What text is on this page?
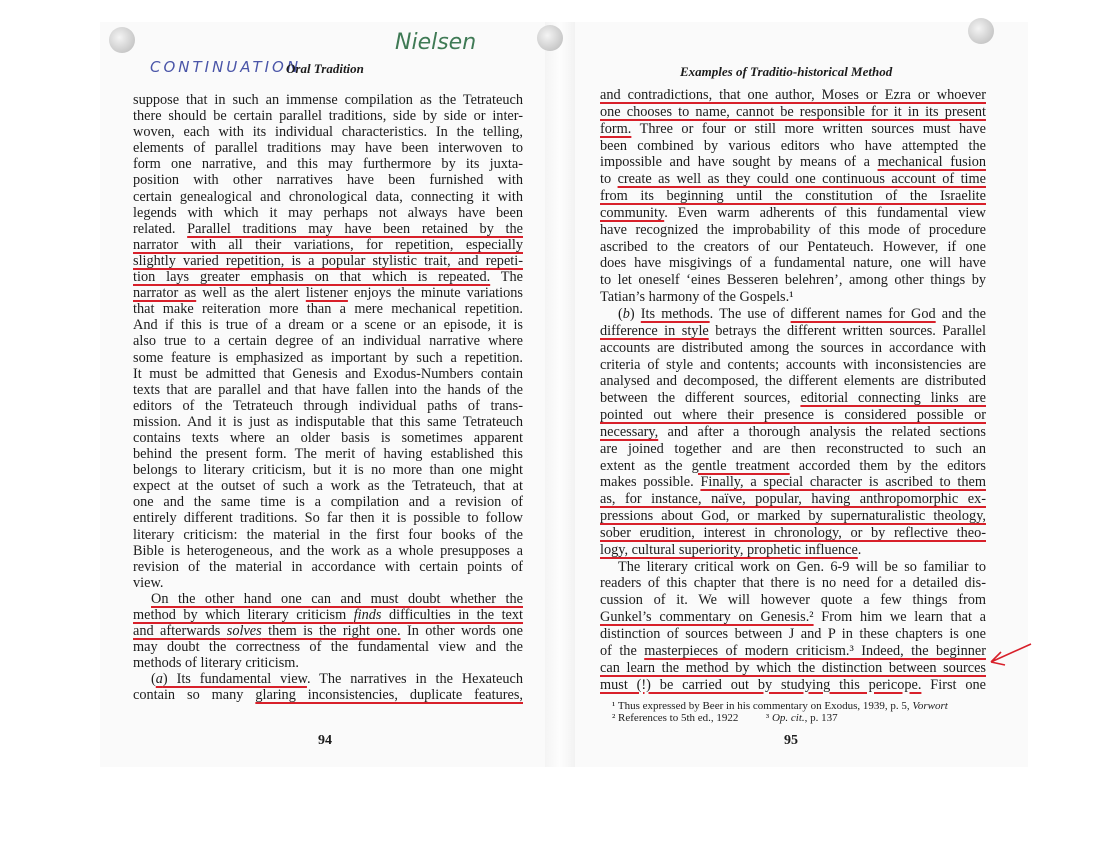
CONTINUATION
Nielsen
Oral Tradition
suppose that in such an immense compilation as the Tetrateuch
there should be certain parallel traditions, side by side or inter-
woven, each with its individual characteristics. In the telling,
elements of parallel traditions may have been interwoven to
form one narrative, and this may furthermore by its juxta-
position with other narratives have been furnished with
certain genealogical and chronological data, connecting it with
legends with which it may perhaps not always have been
related. Parallel traditions may have been retained by the
narrator with all their variations, for repetition, especially
slightly varied repetition, is a popular stylistic trait, and repeti-
tion lays greater emphasis on that which is repeated. The
narrator as well as the alert listener enjoys the minute variations
that make reiteration more than a mere mechanical repetition.
And if this is true of a dream or a scene or an episode, it is
also true to a certain degree of an individual narrative where
some feature is emphasized as important by such a repetition.
It must be admitted that Genesis and Exodus-Numbers contain
texts that are parallel and that have fallen into the hands of the
editors of the Tetrateuch through individual paths of trans-
mission. And it is just as indisputable that this same Tetrateuch
contains texts where an older basis is sometimes apparent
behind the present form. The merit of having established this
belongs to literary criticism, but it is no more than one might
expect at the outset of such a work as the Tetrateuch, that at
one and the same time is a compilation and a revision of
entirely different traditions. So far then it is possible to follow
literary criticism: the material in the first four books of the
Bible is heterogeneous, and the work as a whole presupposes a
revision of the material in accordance with certain points of
view.
On the other hand one can and must doubt whether the
method by which literary criticism finds difficulties in the text
and afterwards solves them is the right one. In other words one
may doubt the correctness of the fundamental view and the
methods of literary criticism.
(a) Its fundamental view. The narratives in the Hexateuch
contain so many glaring inconsistencies, duplicate features,
94
Examples of Traditio-historical Method
and contradictions, that one author, Moses or Ezra or whoever
one chooses to name, cannot be responsible for it in its present
form. Three or four or still more written sources must have
been combined by various editors who have attempted the
impossible and have sought by means of a mechanical fusion
to create as well as they could one continuous account of time
from its beginning until the constitution of the Israelite
community. Even warm adherents of this fundamental view
have recognized the improbability of this mode of procedure
ascribed to the creators of our Pentateuch. However, if one
does have misgivings of a fundamental nature, one will have
to let oneself ‘eines Besseren belehren’, among other things by
Tatian’s harmony of the Gospels.¹
(b) Its methods. The use of different names for God and the
difference in style betrays the different written sources. Parallel
accounts are distributed among the sources in accordance with
criteria of style and contents; accounts with inconsistencies are
analysed and decomposed, the different elements are distributed
between the different sources, editorial connecting links are
pointed out where their presence is considered possible or
necessary, and after a thorough analysis the related sections
are joined together and are then reconstructed to such an
extent as the gentle treatment accorded them by the editors
makes possible. Finally, a special character is ascribed to them
as, for instance, naïve, popular, having anthropomorphic ex-
pressions about God, or marked by supernaturalistic theology,
sober erudition, interest in chronology, or by reflective theo-
logy, cultural superiority, prophetic influence.
The literary critical work on Gen. 6-9 will be so familiar to
readers of this chapter that there is no need for a detailed dis-
cussion of it. We will however quote a few things from
Gunkel’s commentary on Genesis.² From him we learn that a
distinction of sources between J and P in these chapters is one
of the masterpieces of modern criticism.³ Indeed, the beginner
can learn the method by which the distinction between sources
must (!) be carried out by studying this pericope. First one
¹ Thus expressed by Beer in his commentary on Exodus, 1939, p. 5, Vorwort
² References to 5th ed., 1922	³ Op. cit., p. 137
95
